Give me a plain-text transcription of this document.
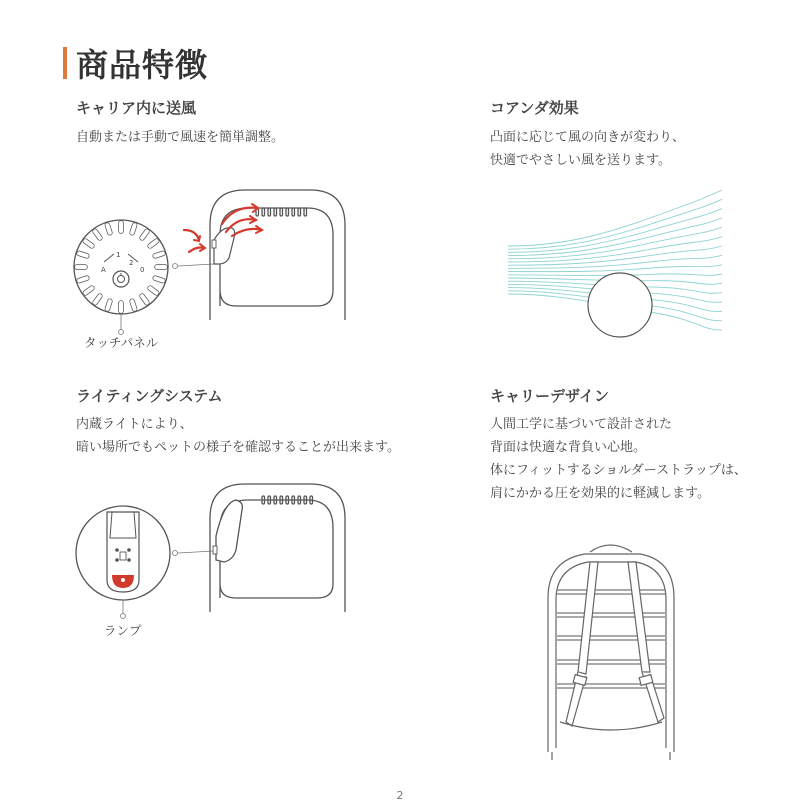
商品特徴
キャリア内に送風
自動または手動で風速を簡単調整。
1
2
A	0
タッチパネル
コアンダ効果
凸面に応じて風の向きが変わり、
快適でやさしい風を送ります。
ライティングシステム
内蔵ライトにより、
暗い場所でもペットの様子を確認することが出来ます。
ランプ
キャリーデザイン
人間工学に基づいて設計された
背面は快適な背負い心地。
体にフィットするショルダーストラップは、
肩にかかる圧を効果的に軽減します。
2
